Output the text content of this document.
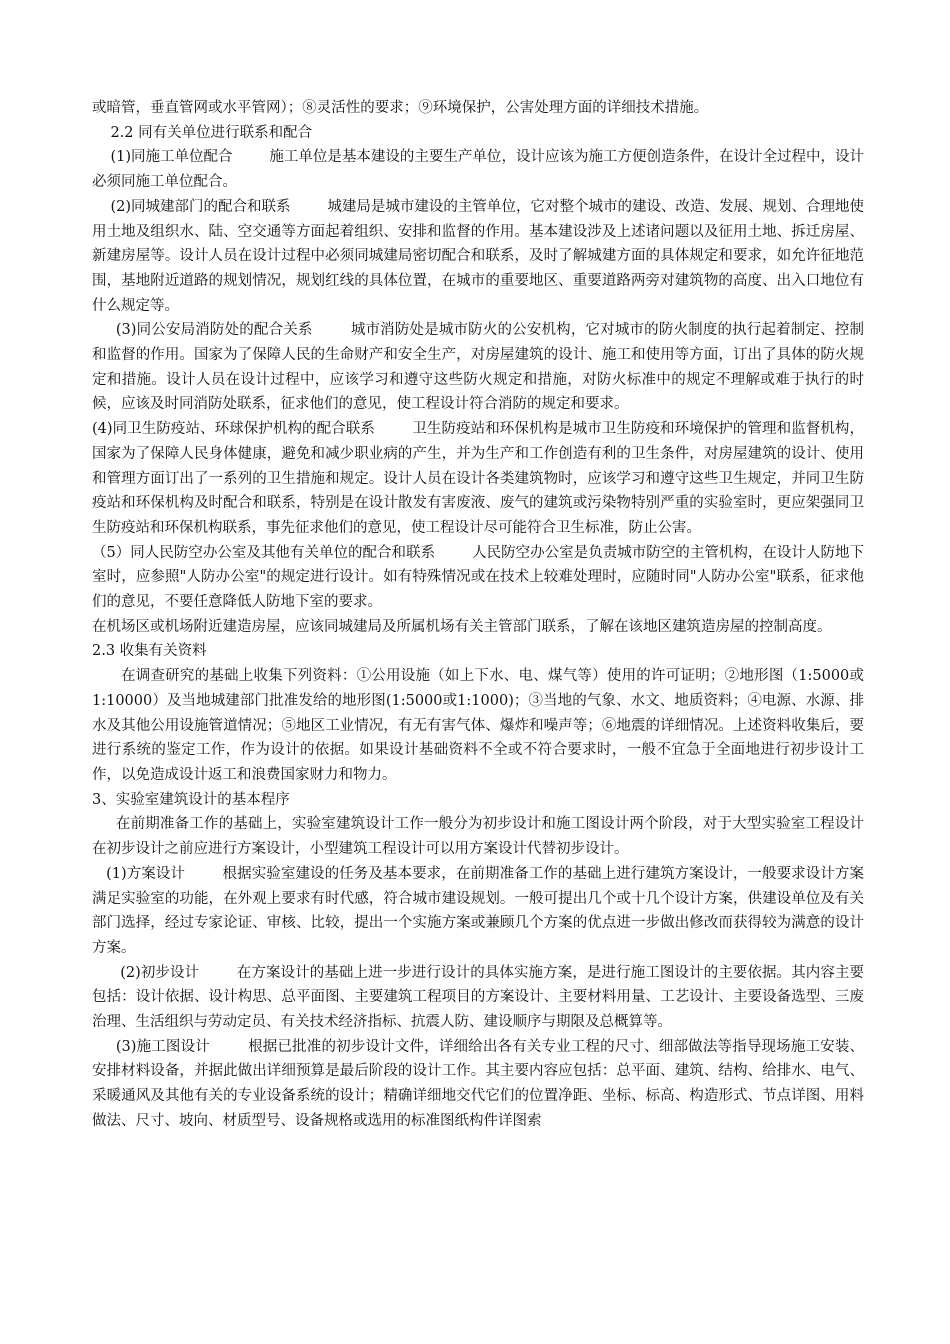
或暗管，垂直管网或水平管网）；⑧灵活性的要求；⑨环境保护，公害处理方面的详细技术措施。

2.2 同有关单位进行联系和配合

(1)同施工单位配合        施工单位是基本建设的主要生产单位，设计应该为施工方便创造条件，在设计全过程中，设计必须同施工单位配合。

(2)同城建部门的配合和联系        城建局是城市建设的主管单位，它对整个城市的建设、改造、发展、规划、合理地使用土地及组织水、陆、空交通等方面起着组织、安排和监督的作用。基本建设涉及上述诸问题以及征用土地、拆迁房屋、新建房屋等。设计人员在设计过程中必须同城建局密切配合和联系，及时了解城建方面的具体规定和要求，如允许征地范围，基地附近道路的规划情况，规划红线的具体位置，在城市的重要地区、重要道路两旁对建筑物的高度、出入口地位有什么规定等。

(3)同公安局消防处的配合关系        城市消防处是城市防火的公安机构，它对城市的防火制度的执行起着制定、控制和监督的作用。国家为了保障人民的生命财产和安全生产，对房屋建筑的设计、施工和使用等方面，订出了具体的防火规定和措施。设计人员在设计过程中，应该学习和遵守这些防火规定和措施，对防火标准中的规定不理解或难于执行的时候，应该及时同消防处联系，征求他们的意见，使工程设计符合消防的规定和要求。

(4)同卫生防疫站、环球保护机构的配合联系        卫生防疫站和环保机构是城市卫生防疫和环境保护的管理和监督机构，国家为了保障人民身体健康，避免和减少职业病的产生，并为生产和工作创造有利的卫生条件，对房屋建筑的设计、使用和管理方面订出了一系列的卫生措施和规定。设计人员在设计各类建筑物时，应该学习和遵守这些卫生规定，并同卫生防疫站和环保机构及时配合和联系，特别是在设计散发有害废液、废气的建筑或污染物特别严重的实验室时，更应架强同卫生防疫站和环保机构联系，事先征求他们的意见，使工程设计尽可能符合卫生标准，防止公害。

（5）同人民防空办公室及其他有关单位的配合和联系        人民防空办公室是负责城市防空的主管机构，在设计人防地下室时，应参照"人防办公室"的规定进行设计。如有特殊情况或在技术上较难处理时，应随时同"人防办公室"联系，征求他们的意见，不要任意降低人防地下室的要求。

在机场区或机场附近建造房屋，应该同城建局及所属机场有关主管部门联系，了解在该地区建筑造房屋的控制高度。

2.3 收集有关资料

在调查研究的基础上收集下列资料：①公用设施（如上下水、电、煤气等）使用的许可证明；②地形图（1:5000或1:10000）及当地城建部门批准发给的地形图(1:5000或1:1000)；③当地的气象、水文、地质资料；④电源、水源、排水及其他公用设施管道情况；⑤地区工业情况，有无有害气体、爆炸和噪声等；⑥地震的详细情况。上述资料收集后，要进行系统的鉴定工作，作为设计的依据。如果设计基础资料不全或不符合要求时，一般不宜急于全面地进行初步设计工作，以免造成设计返工和浪费国家财力和物力。

3、实验室建筑设计的基本程序

在前期准备工作的基础上，实验室建筑设计工作一般分为初步设计和施工图设计两个阶段，对于大型实验室工程设计在初步设计之前应进行方案设计，小型建筑工程设计可以用方案设计代替初步设计。

(1)方案设计        根据实验室建设的任务及基本要求，在前期准备工作的基础上进行建筑方案设计，一般要求设计方案满足实验室的功能，在外观上要求有时代感，符合城市建设规划。一般可提出几个或十几个设计方案，供建设单位及有关部门选择，经过专家论证、审核、比较，提出一个实施方案或兼顾几个方案的优点进一步做出修改而获得较为满意的设计方案。

(2)初步设计        在方案设计的基础上进一步进行设计的具体实施方案，是进行施工图设计的主要依据。其内容主要包括：设计依据、设计构思、总平面图、主要建筑工程项目的方案设计、主要材料用量、工艺设计、主要设备选型、三废治理、生活组织与劳动定员、有关技术经济指标、抗震人防、建设顺序与期限及总概算等。

(3)施工图设计        根据已批准的初步设计文件，详细给出各有关专业工程的尺寸、细部做法等指导现场施工安装、安排材料设备，并据此做出详细预算是最后阶段的设计工作。其主要内容应包括：总平面、建筑、结构、给排水、电气、采暖通风及其他有关的专业设备系统的设计；精确详细地交代它们的位置净距、坐标、标高、构造形式、节点详图、用料做法、尺寸、坡向、材质型号、设备规格或选用的标准图纸构件详图索
